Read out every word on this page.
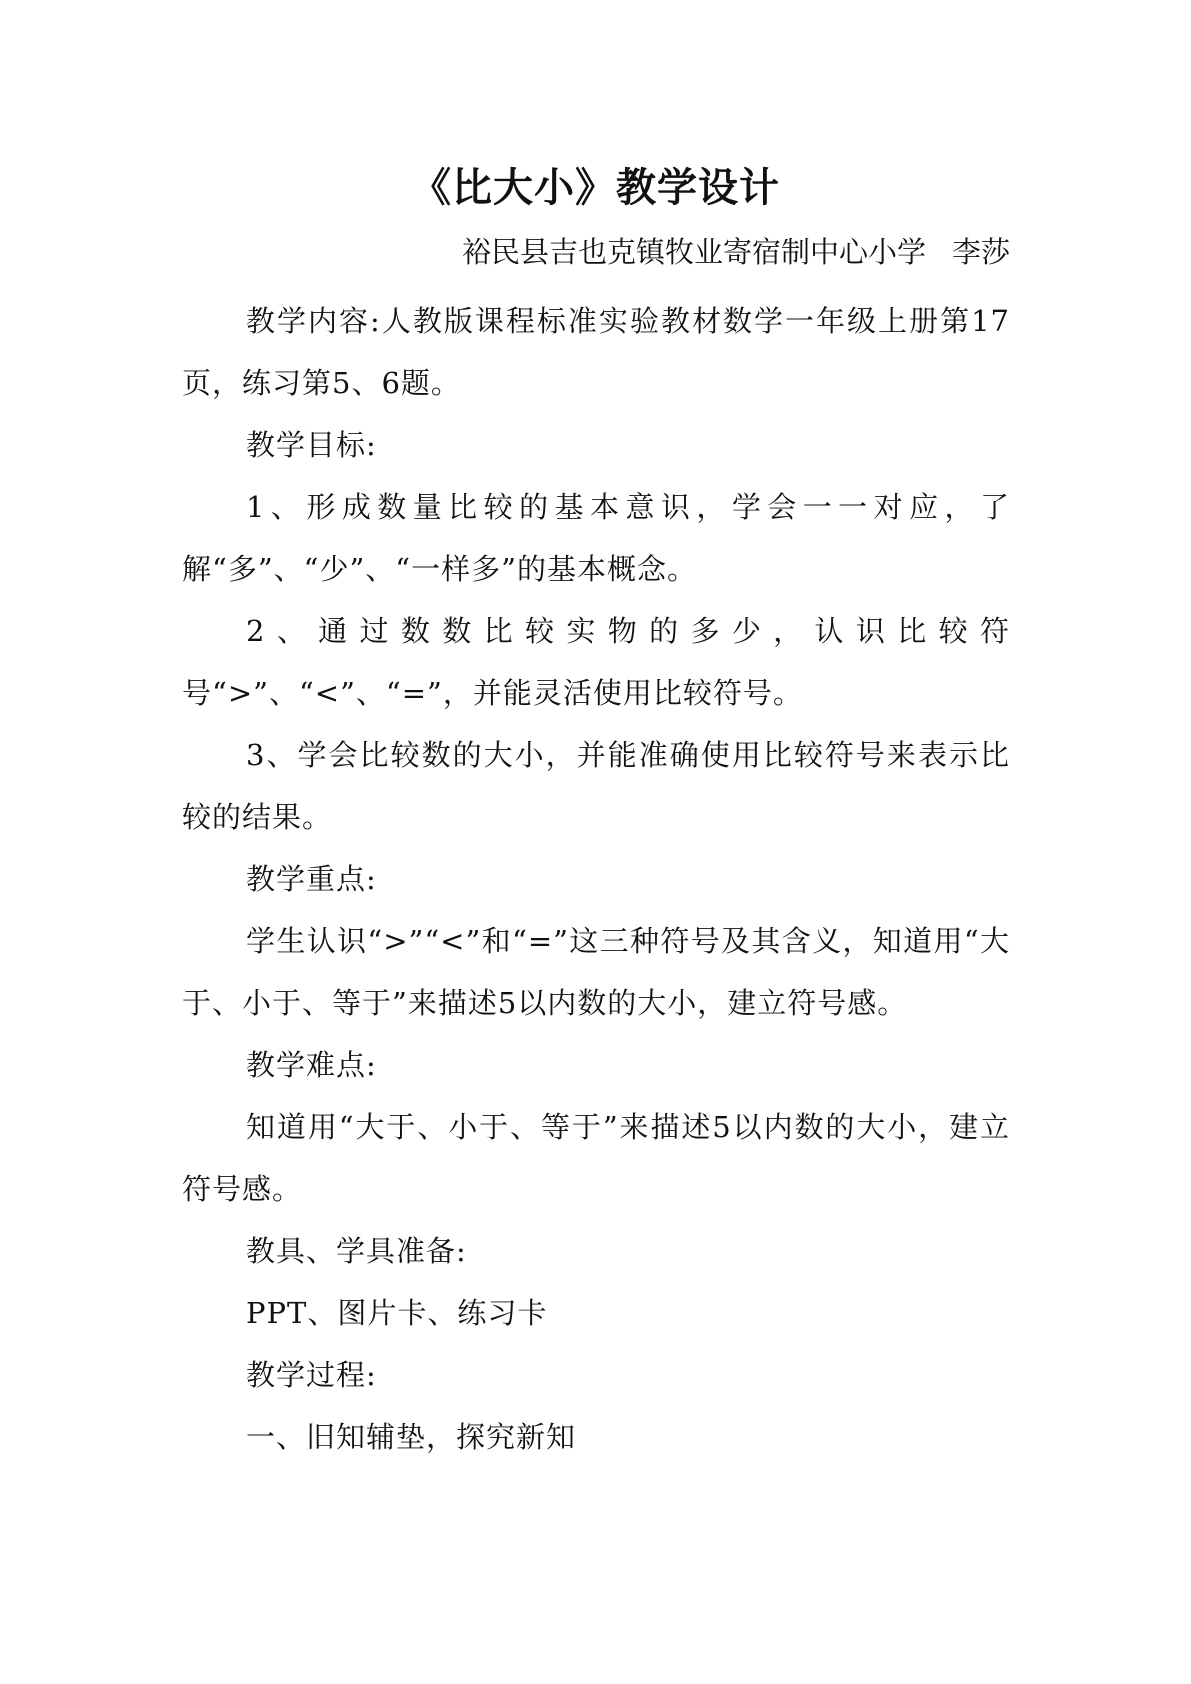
《比大小》教学设计
裕民县吉也克镇牧业寄宿制中心小学 李莎

教学内容:人教版课程标准实验教材数学一年级上册第17页，练习第5、6题。

教学目标:

1、形成数量比较的基本意识，学会一一对应，了解“多”、“少”、“一样多”的基本概念。

2、通过数数比较实物的多少，认识比较符号“>”、“<”、“=”，并能灵活使用比较符号。

3、学会比较数的大小，并能准确使用比较符号来表示比较的结果。

教学重点:

学生认识“>”“<”和“=”这三种符号及其含义，知道用“大于、小于、等于”来描述5以内数的大小，建立符号感。

教学难点:

知道用“大于、小于、等于”来描述5以内数的大小，建立符号感。

教具、学具准备:

PPT、图片卡、练习卡

教学过程:

一、旧知辅垫，探究新知
